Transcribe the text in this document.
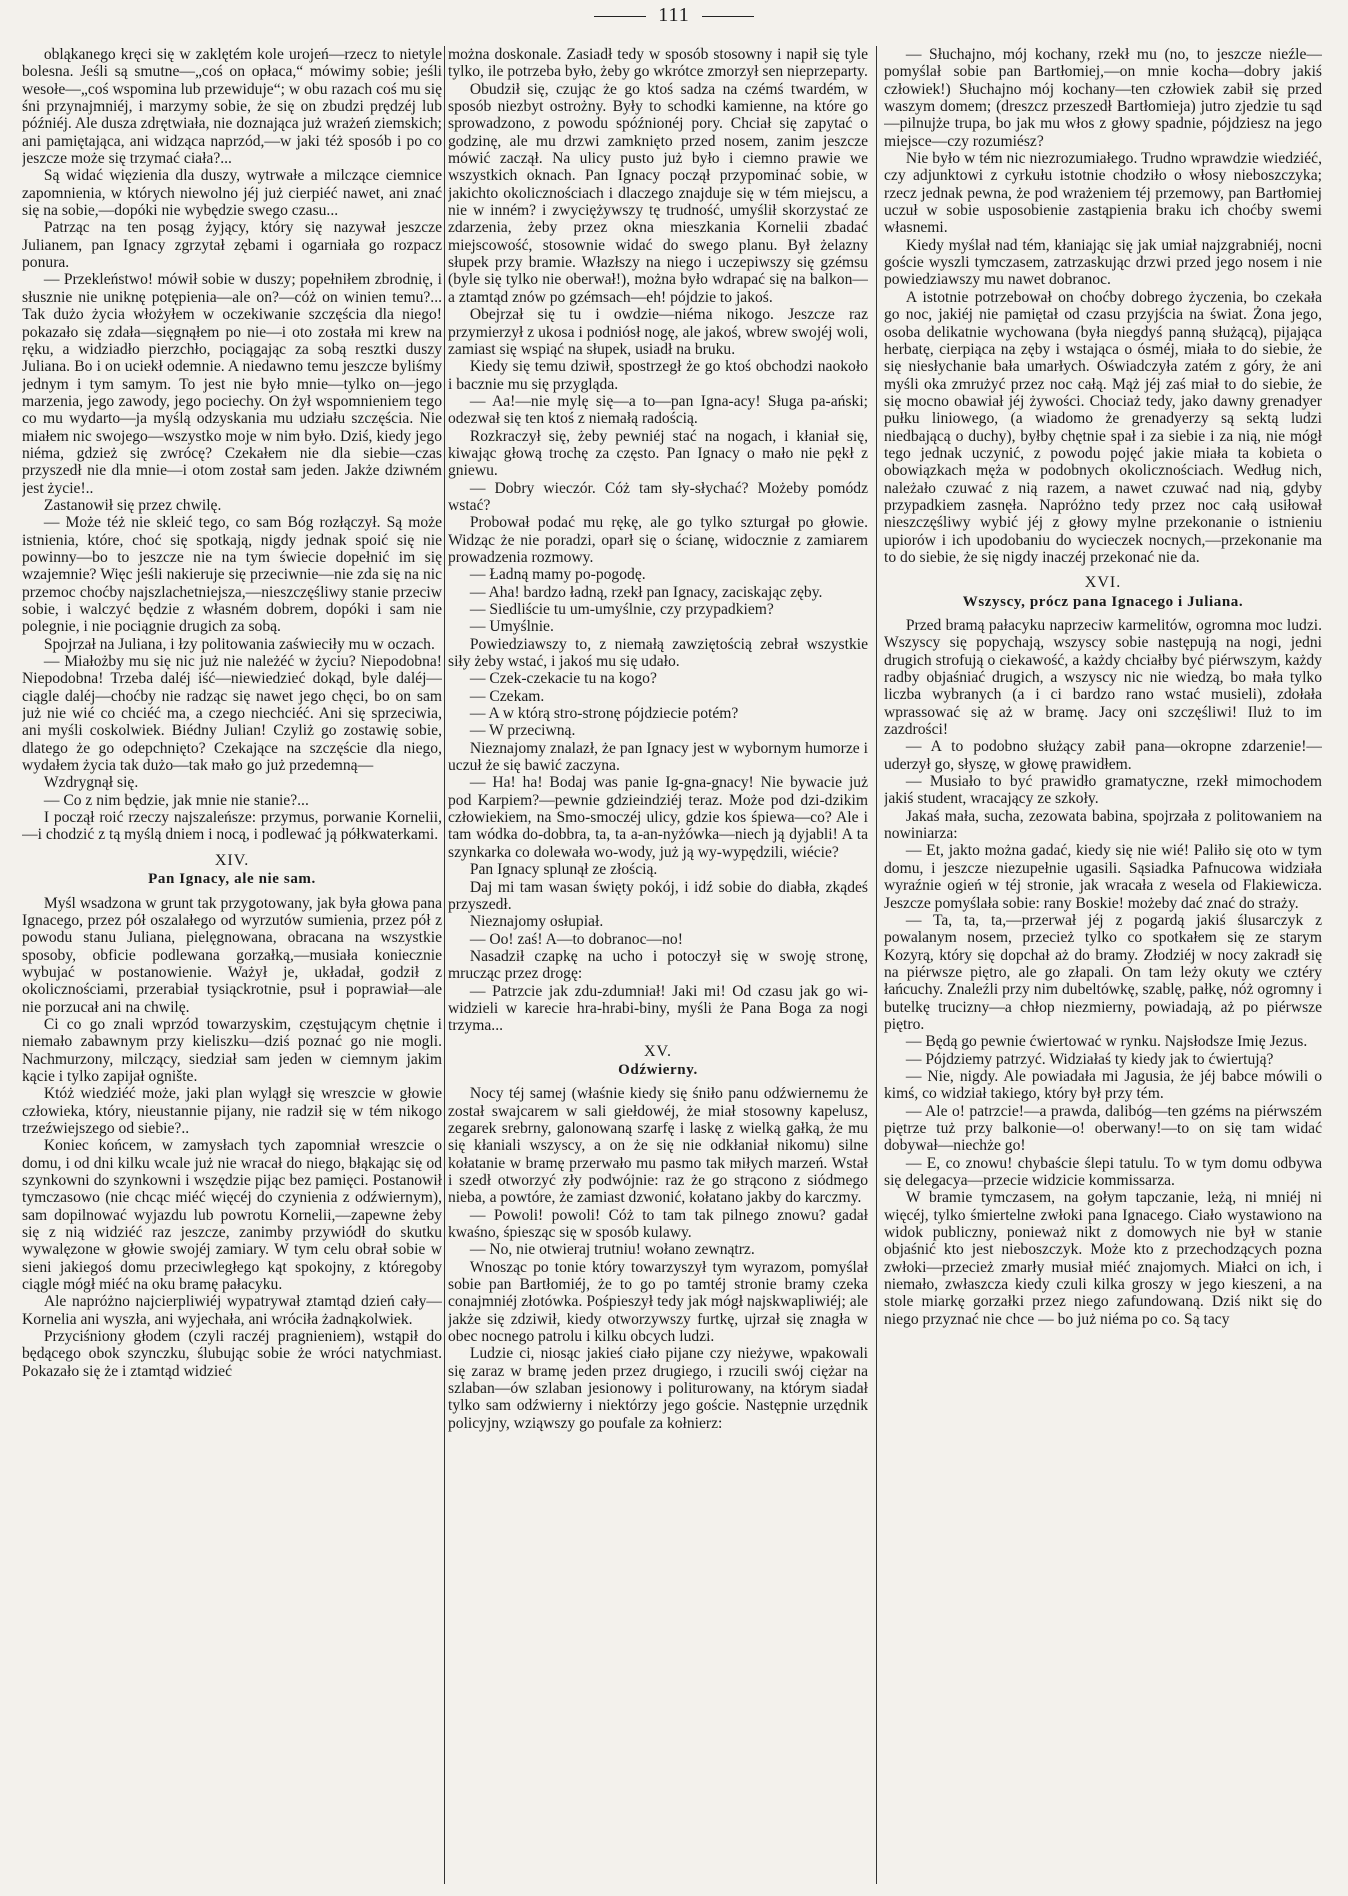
111

obląkanego kręci się w zaklętém kole urojeń—rzecz to nietyle bolesna. Jeśli są smutne—„coś on opłaca,“ mówimy sobie; jeśli wesołe—„coś wspomina lub przewiduje“; w obu razach coś mu się śni przynajmniéj, i marzymy sobie, że się on zbudzi prędzéj lub późniéj. Ale dusza zdrętwiała, nie doznająca już wrażeń ziemskich; ani pamiętająca, ani widząca naprzód,—w jaki téż sposób i po co jeszcze może się trzymać ciała?...

Są widać więzienia dla duszy, wytrwałe a milczące ciemnice zapomnienia, w których niewolno jéj już cierpiéć nawet, ani znać się na sobie,—dopóki nie wybędzie swego czasu...

Patrząc na ten posąg żyjący, który się nazywał jeszcze Julianem, pan Ignacy zgrzytał zębami i ogarniała go rozpacz ponura.

— Przekleństwo! mówił sobie w duszy; popełniłem zbrodnię, i słusznie nie uniknę potępienia—ale on?—cóż on winien temu?... Tak dużo życia włożyłem w oczekiwanie szczęścia dla niego! pokazało się zdała—sięgnąłem po nie—i oto została mi krew na ręku, a widziadło pierzchło, pociągając za sobą resztki duszy Juliana. Bo i on uciekł odemnie. A niedawno temu jeszcze byliśmy jednym i tym samym. To jest nie było mnie—tylko on—jego marzenia, jego zawody, jego pociechy. On żył wspomnieniem tego co mu wydarto—ja myślą odzyskania mu udziału szczęścia. Nie miałem nic swojego—wszystko moje w nim było. Dziś, kiedy jego niéma, gdzież się zwrócę? Czekałem nie dla siebie—czas przyszedł nie dla mnie—i otom został sam jeden. Jakże dziwném jest życie!..

Zastanowił się przez chwilę.

— Może téż nie skleić tego, co sam Bóg rozłączył. Są może istnienia, które, choć się spotkają, nigdy jednak spoić się nie powinny—bo to jeszcze nie na tym świecie dopełnić im się wzajemnie? Więc jeśli nakieruje się przeciwnie—nie zda się na nic przemoc choćby najszlachetniejsza,—nieszczęśliwy stanie przeciw sobie, i walczyć będzie z własném dobrem, dopóki i sam nie polegnie, i nie pociągnie drugich za sobą.

Spojrzał na Juliana, i łzy politowania zaświeciły mu w oczach.

— Miałożby mu się nic już nie należéć w życiu? Niepodobna! Niepodobna! Trzeba daléj iść—niewiedzieć dokąd, byle daléj—ciągle daléj—choćby nie radząc się nawet jego chęci, bo on sam już nie wié co chciéć ma, a czego niechciéć. Ani się sprzeciwia, ani myśli coskolwiek. Biédny Julian! Czyliż go zostawię sobie, dlatego że go odepchnięto? Czekające na szczęście dla niego, wydałem życia tak dużo—tak mało go już przedemną—

Wzdrygnął się.

— Co z nim będzie, jak mnie nie stanie?...

I począł roić rzeczy najszaleńsze: przymus, porwanie Kornelii,—i chodzić z tą myślą dniem i nocą, i podlewać ją półkwaterkami.

XIV.
Pan Ignacy, ale nie sam.

Myśl wsadzona w grunt tak przygotowany, jak była głowa pana Ignacego, przez pół oszalałego od wyrzutów sumienia, przez pół z powodu stanu Juliana, pielęgnowana, obracana na wszystkie sposoby, obficie podlewana gorzałką,—musiała koniecznie wybujać w postanowienie. Ważył je, układał, godził z okolicznościami, przerabiał tysiąckrotnie, psuł i poprawiał—ale nie porzucał ani na chwilę.

Ci co go znali wprzód towarzyskim, częstującym chętnie i niemało zabawnym przy kieliszku—dziś poznać go nie mogli. Nachmurzony, milczący, siedział sam jeden w ciemnym jakim kącie i tylko zapijał ognište.

Któż wiedziéć może, jaki plan wylągł się wreszcie w głowie człowieka, który, nieustannie pijany, nie radził się w tém nikogo trzeźwiejszego od siebie?..

Koniec końcem, w zamysłach tych zapomniał wreszcie o domu, i od dni kilku wcale już nie wracał do niego, błąkając się od szynkowni do szynkowni i wszędzie pijąc bez pamięci. Postanowił tymczasowo (nie chcąc miéć więcéj do czynienia z odźwiernym), sam dopilnować wyjazdu lub powrotu Kornelii,—zapewne żeby się z nią widziéć raz jeszcze, zanimby przywiódł do skutku wywalęzone w głowie swojéj zamiary. W tym celu obrał sobie w sieni jakiegoś domu przeciwległego kąt spokojny, z któregoby ciągle mógł miéć na oku bramę pałacyku.

Ale napróżno najcierpliwiéj wypatrywał ztamtąd dzień cały—Kornelia ani wyszła, ani wyjechała, ani wróciła żadnąkolwiek.

Przyciśniony głodem (czyli raczéj pragnieniem), wstąpił do będącego obok szynczku, ślubując sobie że wróci natychmiast. Pokazało się że i ztamtąd widzieć

można doskonale. Zasiadł tedy w sposób stosowny i napił się tyle tylko, ile potrzeba było, żeby go wkrótce zmorzył sen nieprzeparty.

Obudził się, czując że go ktoś sadza na czémś twardém, w sposób niezbyt ostrożny. Były to schodki kamienne, na które go sprowadzono, z powodu spóźnionéj pory. Chciał się zapytać o godzinę, ale mu drzwi zamknięto przed nosem, zanim jeszcze mówić zaczął. Na ulicy pusto już było i ciemno prawie we wszystkich oknach. Pan Ignacy począł przypominać sobie, w jakichto okolicznościach i dlaczego znajduje się w tém miejscu, a nie w inném? i zwyciężywszy tę trudność, umyślił skorzystać ze zdarzenia, żeby przez okna mieszkania Kornelii zbadać miejscowość, stosownie widać do swego planu. Był żelazny słupek przy bramie. Włazłszy na niego i uczepiwszy się gzémsu (byle się tylko nie oberwał!), można było wdrapać się na balkon—a ztamtąd znów po gzémsach—eh! pójdzie to jakoś.

Obejrzał się tu i owdzie—niéma nikogo. Jeszcze raz przymierzył z ukosa i podniósł nogę, ale jakoś, wbrew swojéj woli, zamiast się wspiąć na słupek, usiadł na bruku.

Kiedy się temu dziwił, spostrzegł że go ktoś obchodzi naokoło i bacznie mu się przygląda.

— Aa!—nie mylę się—a to—pan Igna-acy! Sługa pa-ański; odezwał się ten ktoś z niemałą radością.

Rozkraczył się, żeby pewniéj stać na nogach, i kłaniał się, kiwając głową trochę za często. Pan Ignacy o mało nie pękł z gniewu.

— Dobry wieczór. Cóż tam sły-słychać? Możeby pomódz wstać?

Probował podać mu rękę, ale go tylko szturgał po głowie. Widząc że nie poradzi, oparł się o ścianę, widocznie z zamiarem prowadzenia rozmowy.

— Ładną mamy po-pogodę.

— Aha! bardzo ładną, rzekł pan Ignacy, zaciskając zęby.

— Siedliście tu um-umyślnie, czy przypadkiem?

— Umyślnie.

Powiedziawszy to, z niemałą zawziętością zebrał wszystkie siły żeby wstać, i jakoś mu się udało.

— Czek-czekacie tu na kogo?

— Czekam.

— A w którą stro-stronę pójdziecie potém?

— W przeciwną.

Nieznajomy znalazł, że pan Ignacy jest w wybornym humorze i uczuł że się bawić zaczyna.

— Ha! ha! Bodaj was panie Ig-gna-gnacy! Nie bywacie już pod Karpiem?—pewnie gdzieindziéj teraz. Może pod dzi-dzikim człowiekiem, na Smo-smoczéj ulicy, gdzie kos śpiewa—co? Ale i tam wódka do-dobbra, ta, ta a-an-nyżówka—niech ją dyjabli! A ta szynkarka co dolewała wo-wody, już ją wy-wypędzili, wiécie?

Pan Ignacy splunął ze złością.

Daj mi tam wasan święty pokój, i idź sobie do diabła, zkądeś przyszedł.

Nieznajomy osłupiał.

— Oo! zaś! A—to dobranoc—no!

Nasadził czapkę na ucho i potoczył się w swoję stronę, mrucząc przez drogę:

— Patrzcie jak zdu-zdumniał! Jaki mi! Od czasu jak go wi-widzieli w karecie hra-hrabi-biny, myśli że Pana Boga za nogi trzyma...

XV.
Odźwierny.

Nocy téj samej (właśnie kiedy się śniło panu odźwiernemu że został swajcarem w sali giełdowéj, że miał stosowny kapelusz, zegarek srebrny, galonowaną szarfę i laskę z wielką gałką, że mu się kłaniali wszyscy, a on że się nie odkłaniał nikomu) silne kołatanie w bramę przerwało mu pasmo tak miłych marzeń. Wstał i szedł otworzyć zły podwójnie: raz że go strącono z siódmego nieba, a powtóre, że zamiast dzwonić, kołatano jakby do karczmy.

— Powoli! powoli! Cóż to tam tak pilnego znowu? gadał kwaśno, śpiesząc się w sposób kulawy.

— No, nie otwieraj trutniu! wołano zewnątrz.

Wnosząc po tonie który towarzyszył tym wyrazom, pomyślał sobie pan Bartłomiéj, że to go po tamtéj stronie bramy czeka conajmniéj złotówka. Pośpieszył tedy jak mógł najskwapliwiéj; ale jakże się zdziwił, kiedy otworzywszy furtkę, ujrzał się znagła w obec nocnego patrolu i kilku obcych ludzi.

Ludzie ci, niosąc jakieś ciało pijane czy nieżywe, wpakowali się zaraz w bramę jeden przez drugiego, i rzucili swój ciężar na szlaban—ów szlaban jesionowy i politurowany, na którym siadał tylko sam odźwierny i niektórzy jego goście. Następnie urzędnik policyjny, wziąwszy go poufale za kołnierz:

— Słuchajno, mój kochany, rzekł mu (no, to jeszcze nieźle—pomyślał sobie pan Bartłomiej,—on mnie kocha—dobry jakiś człowiek!) Słuchajno mój kochany—ten człowiek zabił się przed waszym domem; (dreszcz przeszedł Bartłomieja) jutro zjedzie tu sąd—pilnujże trupa, bo jak mu włos z głowy spadnie, pójdziesz na jego miejsce—czy rozumiész?

Nie było w tém nic niezrozumiałego. Trudno wprawdzie wiedziéć, czy adjunktowi z cyrkułu istotnie chodziło o włosy nieboszczyka; rzecz jednak pewna, że pod wrażeniem téj przemowy, pan Bartłomiej uczuł w sobie usposobienie zastąpienia braku ich choćby swemi własnemi.

Kiedy myślał nad tém, kłaniając się jak umiał najzgrabniéj, nocni goście wyszli tymczasem, zatrzaskując drzwi przed jego nosem i nie powiedziawszy mu nawet dobranoc.

A istotnie potrzebował on choćby dobrego życzenia, bo czekała go noc, jakiéj nie pamiętał od czasu przyjścia na świat. Żona jego, osoba delikatnie wychowana (była niegdyś panną służącą), pijająca herbatę, cierpiąca na zęby i wstająca o ósméj, miała to do siebie, że się niesłychanie bała umarłych. Oświadczyła zatém z góry, że ani myśli oka zmrużyć przez noc całą. Mąż jéj zaś miał to do siebie, że się mocno obawiał jéj żywości. Chociaż tedy, jako dawny grenadyer pułku liniowego, (a wiadomo że grenadyerzy są sektą ludzi niedbającą o duchy), byłby chętnie spał i za siebie i za nią, nie mógł tego jednak uczynić, z powodu pojęć jakie miała ta kobieta o obowiązkach męża w podobnych okolicznościach. Według nich, należało czuwać z nią razem, a nawet czuwać nad nią, gdyby przypadkiem zasnęła. Napróżno tedy przez noc całą usiłował nieszczęśliwy wybić jéj z głowy mylne przekonanie o istnieniu upiorów i ich upodobaniu do wycieczek nocnych,—przekonanie ma to do siebie, że się nigdy inaczéj przekonać nie da.

XVI.
Wszyscy, prócz pana Ignacego i Juliana.

Przed bramą pałacyku naprzeciw karmelitów, ogromna moc ludzi. Wszyscy się popychają, wszyscy sobie następują na nogi, jedni drugich strofują o ciekawość, a każdy chciałby być piérwszym, każdy radby objaśniać drugich, a wszyscy nic nie wiedzą, bo mała tylko liczba wybranych (a i ci bardzo rano wstać musieli), zdołała wprassować się aż w bramę. Jacy oni szczęśliwi! Iluż to im zazdrości!

— A to podobno służący zabił pana—okropne zdarzenie!—uderzył go, słyszę, w głowę prawidłem.

— Musiało to być prawidło gramatyczne, rzekł mimochodem jakiś student, wracający ze szkoły.

Jakaś mała, sucha, zezowata babina, spojrzała z politowaniem na nowiniarza:

— Et, jakto można gadać, kiedy się nie wié! Paliło się oto w tym domu, i jeszcze niezupełnie ugasili. Sąsiadka Pafnucowa widziała wyraźnie ogień w téj stronie, jak wracała z wesela od Flakiewicza. Jeszcze pomyślała sobie: rany Boskie! możeby dać znać do straży.

— Ta, ta, ta,—przerwał jéj z pogardą jakiś ślusarczyk z powalanym nosem, przecież tylko co spotkałem się ze starym Kozyrą, który się dopchał aż do bramy. Złodziéj w nocy zakradł się na piérwsze piętro, ale go złapali. On tam leży okuty we cztéry łańcuchy. Znaleźli przy nim dubeltówkę, szablę, pałkę, nóż ogromny i butelkę trucizny—a chłop niezmierny, powiadają, aż po piérwsze piętro.

— Będą go pewnie ćwiertować w rynku. Najsłodsze Imię Jezus.

— Pójdziemy patrzyć. Widziałaś ty kiedy jak to ćwiertują?

— Nie, nigdy. Ale powiadała mi Jagusia, że jéj babce mówili o kimś, co widział takiego, który był przy tém.

— Ale o! patrzcie!—a prawda, dalibóg—ten gzéms na piérwszém piętrze tuż przy balkonie—o! oberwany!—to on się tam widać dobywał—niechże go!

— E, co znowu! chybaście ślepi tatulu. To w tym domu odbywa się delegacya—przecie widzicie kommissarza.

W bramie tymczasem, na gołym tapczanie, leżą, ni mniéj ni więcéj, tylko śmiertelne zwłoki pana Ignacego. Ciało wystawiono na widok publiczny, ponieważ nikt z domowych nie był w stanie objaśnić kto jest nieboszczyk. Może kto z przechodzących pozna zwłoki—przecież zmarły musiał miéć znajomych. Miałci on ich, i niemało, zwłaszcza kiedy czuli kilka groszy w jego kieszeni, a na stole miarkę gorzałki przez niego zafundowaną. Dziś nikt się do niego przyznać nie chce — bo już niéma po co. Są tacy
